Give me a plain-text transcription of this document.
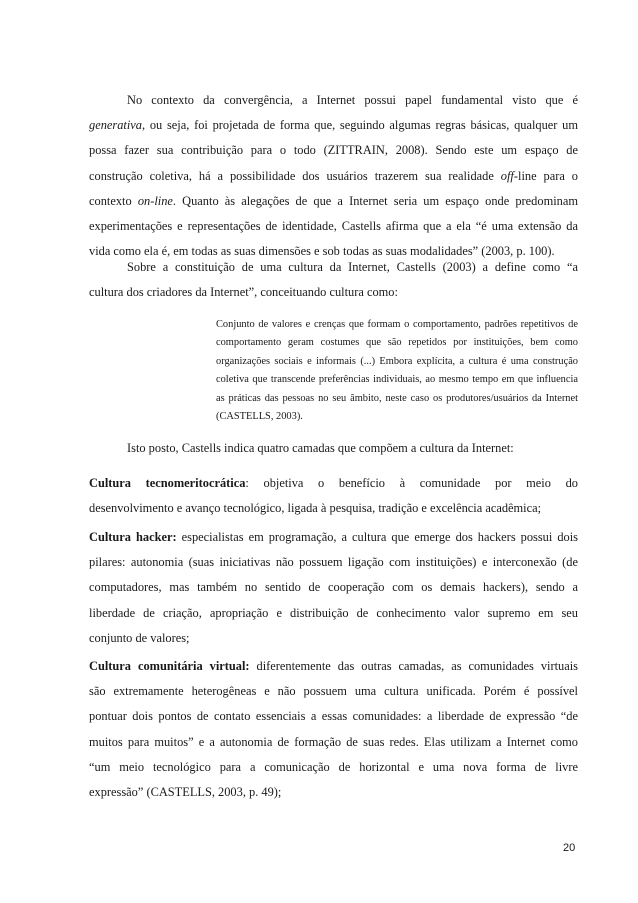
No contexto da convergência, a Internet possui papel fundamental visto que é
generativa, ou seja, foi projetada de forma que, seguindo algumas regras básicas, qualquer um
possa fazer sua contribuição para o todo (ZITTRAIN, 2008). Sendo este um espaço de
construção coletiva, há a possibilidade dos usuários trazerem sua realidade off-line para o
contexto on-line. Quanto às alegações de que a Internet seria um espaço onde predominam
experimentações e representações de identidade, Castells afirma que a ela “é uma extensão da
vida como ela é, em todas as suas dimensões e sob todas as suas modalidades” (2003, p. 100).
Sobre a constituição de uma cultura da Internet, Castells (2003) a define como “a
cultura dos criadores da Internet”, conceituando cultura como:
Conjunto de valores e crenças que formam o comportamento, padrões repetitivos de
comportamento geram costumes que são repetidos por instituições, bem como
organizações sociais e informais (...) Embora explícita, a cultura é uma construção
coletiva que transcende preferências individuais, ao mesmo tempo em que influencia
as práticas das pessoas no seu âmbito, neste caso os produtores/usuários da Internet
(CASTELLS, 2003).
Isto posto, Castells indica quatro camadas que compõem a cultura da Internet:
Cultura tecnomeritocrática: objetiva o benefício à comunidade por meio do
desenvolvimento e avanço tecnológico, ligada à pesquisa, tradição e excelência acadêmica;
Cultura hacker: especialistas em programação, a cultura que emerge dos hackers possui dois
pilares: autonomia (suas iniciativas não possuem ligação com instituições) e interconexão (de
computadores, mas também no sentido de cooperação com os demais hackers), sendo a
liberdade de criação, apropriação e distribuição de conhecimento valor supremo em seu
conjunto de valores;
Cultura comunitária virtual: diferentemente das outras camadas, as comunidades virtuais
são extremamente heterogêneas e não possuem uma cultura unificada. Porém é possível
pontuar dois pontos de contato essenciais a essas comunidades: a liberdade de expressão “de
muitos para muitos” e a autonomia de formação de suas redes. Elas utilizam a Internet como
“um meio tecnológico para a comunicação de horizontal e uma nova forma de livre
expressão” (CASTELLS, 2003, p. 49);
20
